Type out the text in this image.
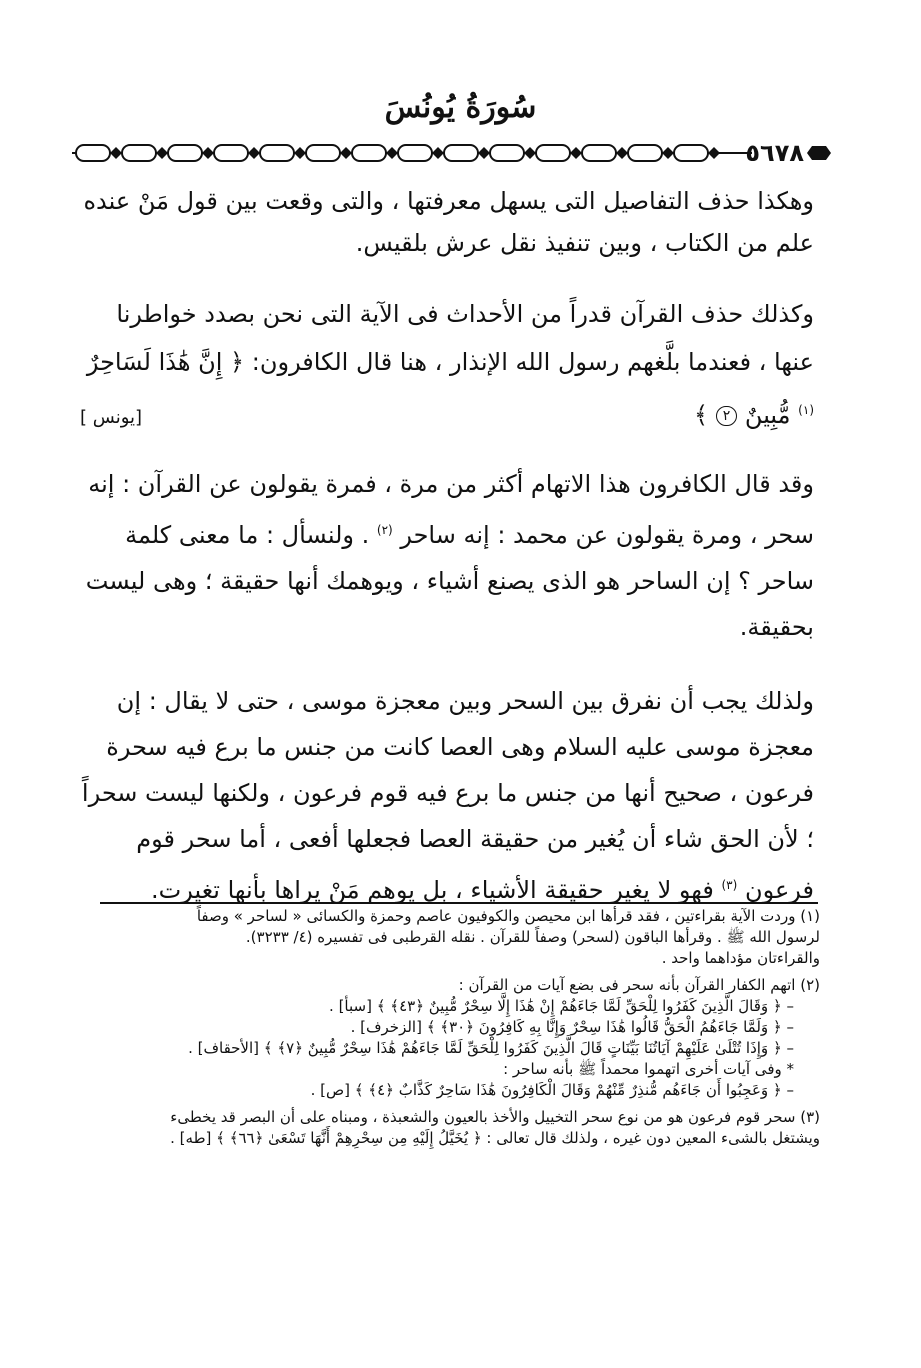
سُورَةُ يُونُسَ
٥٦٧٨

وهكذا حذف التفاصيل التى يسهل معرفتها ، والتى وقعت بين قول مَنْ عنده علم من الكتاب ، وبين تنفيذ نقل عرش بلقيس.

وكذلك حذف القرآن قدراً من الأحداث فى الآية التى نحن بصدد خواطرنا عنها ، فعندما بلَّغهم رسول الله الإنذار ، هنا قال الكافرون: ﴿ إِنَّ هَٰذَا لَسَاحِرٌ $^{(١)}$ مُّبِينٌ ٢ ﴾
[يونس ]

وقد قال الكافرون هذا الاتهام أكثر من مرة ، فمرة يقولون عن القرآن : إنه سحر ، ومرة يقولون عن محمد : إنه ساحر $^{(٢)}$ . ولنسأل : ما معنى كلمة ساحر ؟ إن الساحر هو الذى يصنع أشياء ، ويوهمك أنها حقيقة ؛ وهى ليست بحقيقة.

ولذلك يجب أن نفرق بين السحر وبين معجزة موسى ، حتى لا يقال : إن معجزة موسى عليه السلام وهى العصا كانت من جنس ما برع فيه سحرة فرعون ، صحيح أنها من جنس ما برع فيه قوم فرعون ، ولكنها ليست سحراً ؛ لأن الحق شاء أن يُغير من حقيقة العصا فجعلها أفعى ، أما سحر قوم فرعون $^{(٣)}$ فهو لا يغير حقيقة الأشياء ، بل يوهم مَنْ يراها بأنها تغيرت.

(١) وردت الآية بقراءتين ، فقد قرأها ابن محيصن والكوفيون عاصم وحمزة والكسائى « لساحر » وصفاً

لرسول الله ﷺ . وقرأها الباقون (لسحر) وصفاً للقرآن . نقله القرطبى فى تفسيره (٤/ ٣٢٣٣).

والقراءتان مؤداهما واحد .

(٢) اتهم الكفار القرآن بأنه سحر فى بضع آيات من القرآن :

– ﴿ وَقَالَ الَّذِينَ كَفَرُوا لِلْحَقِّ لَمَّا جَاءَهُمْ إِنْ هَٰذَا إِلَّا سِحْرٌ مُّبِينٌ ﴿٤٣﴾ ﴾ [سبأ] .

– ﴿ وَلَمَّا جَاءَهُمُ الْحَقُّ قَالُوا هَٰذَا سِحْرٌ وَإِنَّا بِهِ كَافِرُونَ ﴿٣٠﴾ ﴾ [الزخرف] .

– ﴿ وَإِذَا تُتْلَىٰ عَلَيْهِمْ آيَاتُنَا بَيِّنَاتٍ قَالَ الَّذِينَ كَفَرُوا لِلْحَقِّ لَمَّا جَاءَهُمْ هَٰذَا سِحْرٌ مُّبِينٌ ﴿٧﴾ ﴾ [الأحقاف] .

* وفى آيات أخرى اتهموا محمداً ﷺ بأنه ساحر :

– ﴿ وَعَجِبُوا أَن جَاءَهُم مُّنذِرٌ مِّنْهُمْ وَقَالَ الْكَافِرُونَ هَٰذَا سَاحِرٌ كَذَّابٌ ﴿٤﴾ ﴾ [ص] .

(٣) سحر قوم فرعون هو من نوع سحر التخييل والأخذ بالعيون والشعبذة ، ومبناه على أن البصر قد يخطىء

ويشتغل بالشىء المعين دون غيره ، ولذلك قال تعالى : ﴿ يُخَيَّلُ إِلَيْهِ مِن سِحْرِهِمْ أَنَّهَا تَسْعَىٰ ﴿٦٦﴾ ﴾ [طه] .
